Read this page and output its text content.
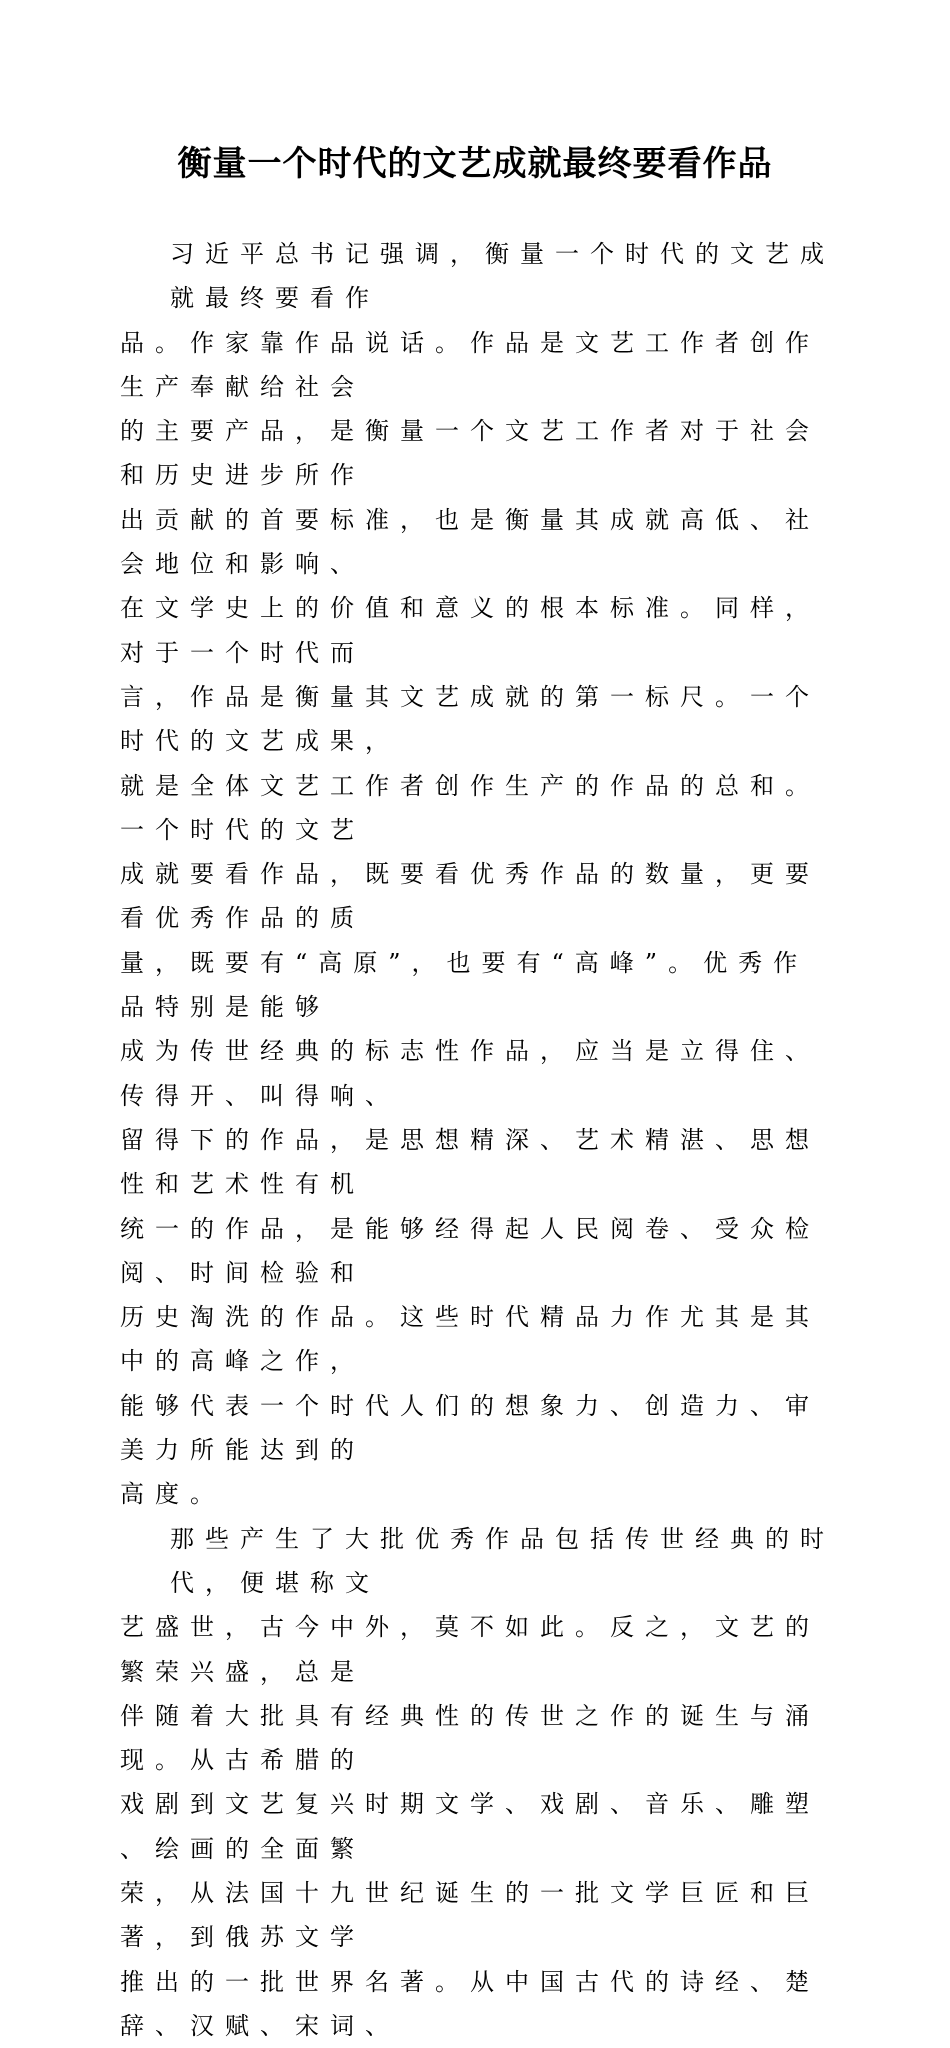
衡量一个时代的文艺成就最终要看作品
习近平总书记强调，衡量一个时代的文艺成就最终要看作
品。作家靠作品说话。作品是文艺工作者创作生产奉献给社会
的主要产品，是衡量一个文艺工作者对于社会和历史进步所作
出贡献的首要标准，也是衡量其成就高低、社会地位和影响、
在文学史上的价值和意义的根本标准。同样，对于一个时代而
言，作品是衡量其文艺成就的第一标尺。一个时代的文艺成果，
就是全体文艺工作者创作生产的作品的总和。一个时代的文艺
成就要看作品，既要看优秀作品的数量，更要看优秀作品的质
量，既要有“高原”，也要有“高峰”。优秀作品特别是能够
成为传世经典的标志性作品，应当是立得住、传得开、叫得响、
留得下的作品，是思想精深、艺术精湛、思想性和艺术性有机
统一的作品，是能够经得起人民阅卷、受众检阅、时间检验和
历史淘洗的作品。这些时代精品力作尤其是其中的高峰之作，
能够代表一个时代人们的想象力、创造力、审美力所能达到的
高度。
那些产生了大批优秀作品包括传世经典的时代，便堪称文
艺盛世，古今中外，莫不如此。反之，文艺的繁荣兴盛，总是
伴随着大批具有经典性的传世之作的诞生与涌现。从古希腊的
戏剧到文艺复兴时期文学、戏剧、音乐、雕塑、绘画的全面繁
荣，从法国十九世纪诞生的一批文学巨匠和巨著，到俄苏文学
推出的一批世界名著。从中国古代的诗经、楚辞、汉赋、宋词、
